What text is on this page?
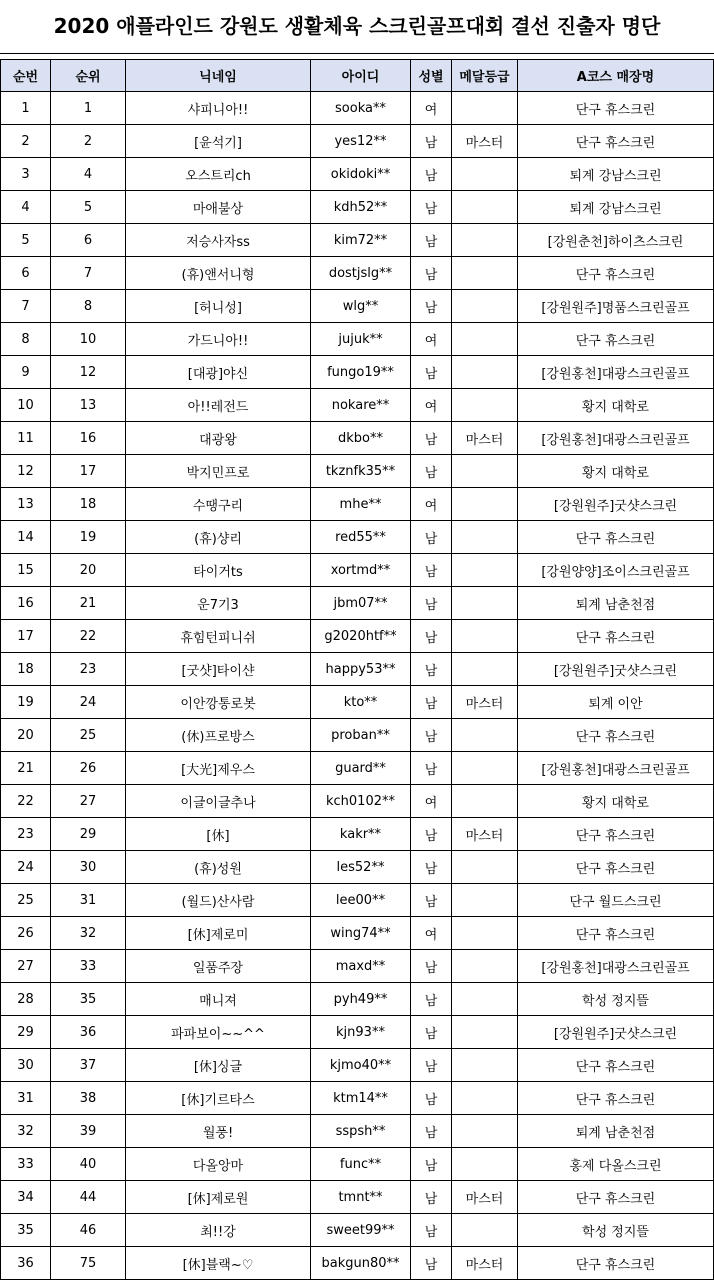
2020 애플라인드 강원도 생활체육 스크린골프대회 결선 진출자 명단
순번	순위	닉네임	아이디	성별	메달등급	A코스 매장명
1	1	샤피니아!!	sooka**	여		단구 휴스크린
2	2	[윤석기]	yes12**	남	마스터	단구 휴스크린
3	4	오스트리ch	okidoki**	남		퇴계 강남스크린
4	5	마애불상	kdh52**	남		퇴계 강남스크린
5	6	저승사자ss	kim72**	남		[강원춘천]하이츠스크린
6	7	(휴)앤서니형	dostjslg**	남		단구 휴스크린
7	8	[허니성]	wlg**	남		[강원원주]명품스크린골프
8	10	가드니아!!	jujuk**	여		단구 휴스크린
9	12	[대광]야신	fungo19**	남		[강원홍천]대광스크린골프
10	13	아!!레전드	nokare**	여		황지 대학로
11	16	대광왕	dkbo**	남	마스터	[강원홍천]대광스크린골프
12	17	박지민프로	tkznfk35**	남		황지 대학로
13	18	수땡구리	mhe**	여		[강원원주]굿샷스크린
14	19	(휴)샹리	red55**	남		단구 휴스크린
15	20	타이거ts	xortmd**	남		[강원양양]조이스크린골프
16	21	운7기3	jbm07**	남		퇴계 남춘천점
17	22	휴힘턴피니쉬	g2020htf**	남		단구 휴스크린
18	23	[굿샷]타이샨	happy53**	남		[강원원주]굿샷스크린
19	24	이안깡통로봇	kto**	남	마스터	퇴계 이안
20	25	(休)프로방스	proban**	남		단구 휴스크린
21	26	[大光]제우스	guard**	남		[강원홍천]대광스크린골프
22	27	이글이글추나	kch0102**	여		황지 대학로
23	29	[休]	kakr**	남	마스터	단구 휴스크린
24	30	(휴)성원	les52**	남		단구 휴스크린
25	31	(월드)산사람	lee00**	남		단구 월드스크린
26	32	[休]제로미	wing74**	여		단구 휴스크린
27	33	일품주장	maxd**	남		[강원홍천]대광스크린골프
28	35	매니져	pyh49**	남		학성 정지뜰
29	36	파파보이~~^^	kjn93**	남		[강원원주]굿샷스크린
30	37	[休]싱글	kjmo40**	남		단구 휴스크린
31	38	[休]기르타스	ktm14**	남		단구 휴스크린
32	39	월풍!	sspsh**	남		퇴계 남춘천점
33	40	다올앙마	func**	남		홍제 다올스크린
34	44	[休]제로원	tmnt**	남	마스터	단구 휴스크린
35	46	최!!강	sweet99**	남		학성 정지뜰
36	75	[休]블랙~♡	bakgun80**	남	마스터	단구 휴스크린
